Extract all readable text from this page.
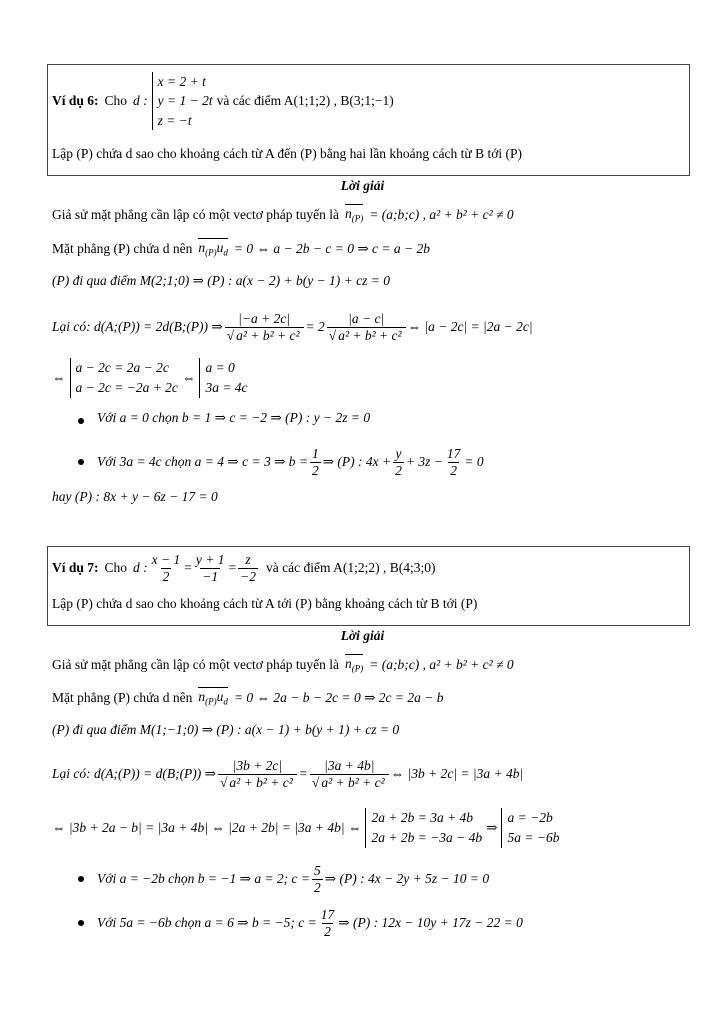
Ví dụ 6: Cho d :
x = 2 + t
y = 1 − 2t
z = −t
và các điểm A(1;1;2) , B(3;1;−1)
Lập (P) chứa d sao cho khoảng cách từ A đến (P) bằng hai lần khoảng cách từ B tới (P)
Lời giải
Giả sử mặt phẳng cần lập có một vectơ pháp tuyến là $n_{(P)}$ = (a;b;c) , a² + b² + c² ≠ 0
Mặt phẳng (P) chứa d nên $n_{(P)}$ $u_d = 0$ ⇔ a − 2b − c = 0 ⇒ c = a − 2b
(P) đi qua điểm M(2;1;0) ⇒ (P) : a(x − 2) + b(y − 1) + cz = 0
Lại có: d(A;(P)) = 2d(B;(P)) ⇒ $\frac{|-a + 2c|}{\text{√ a² + b² + c²}} = 2 \frac{|a - c|}{\text{√ a² + b² + c²}}$ ⇔ |a − 2c| = |2a − 2c|
⇔
a − 2c = 2a − 2c
a − 2c = −2a + 2c
⇔
a = 0
3a = 4c
Với a = 0 chọn b = 1 ⇒ c = −2 ⇒ (P) : y − 2z = 0
Với 3a = 4c chọn a = 4 ⇒ c = 3 ⇒ $b = \frac{1}{2}$ ⇒ (P) : $4x + \frac{y}{2} + 3z - \frac{17}{2} = 0$
hay (P) : 8x + y − 6z − 17 = 0
Ví dụ 7: Cho d : $\frac{x - 1}{2} = \frac{y + 1}{-1} = \frac{z}{-2}$ và các điểm A(1;2;2) , B(4;3;0)
Lập (P) chứa d sao cho khoảng cách từ A tới (P) bằng khoảng cách từ B tới (P)
Lời giải
Giả sử mặt phẳng cần lập có một vectơ pháp tuyến là $n_{(P)}$ = (a;b;c) , a² + b² + c² ≠ 0
Mặt phẳng (P) chứa d nên $n_{(P)}$ $u_d = 0$ ⇔ 2a − b − 2c = 0 ⇒ 2c = 2a − b
(P) đi qua điểm M(1;−1;0) ⇒ (P) : a(x − 1) + b(y + 1) + cz = 0
Lại có: d(A;(P)) = d(B;(P)) ⇒ $\frac{|3b + 2c|}{\text{√ a² + b² + c²}} = \frac{|3a + 4b|}{\text{√ a² + b² + c²}}$ ⇔ |3b + 2c| = |3a + 4b|
⇔ |3b + 2a − b| = |3a + 4b| ⇔ |2a + 2b| = |3a + 4b| ⇔
2a + 2b = 3a + 4b
2a + 2b = −3a − 4b
⇒
a = −2b
5a = −6b
Với a = −2b chọn b = −1 ⇒ a = 2; $c = \frac{5}{2}$ ⇒ (P) : 4x − 2y + 5z − 10 = 0
Với 5a = −6b chọn a = 6 ⇒ b = −5; $c = \frac{17}{2}$ ⇒ (P) : 12x − 10y + 17z − 22 = 0
